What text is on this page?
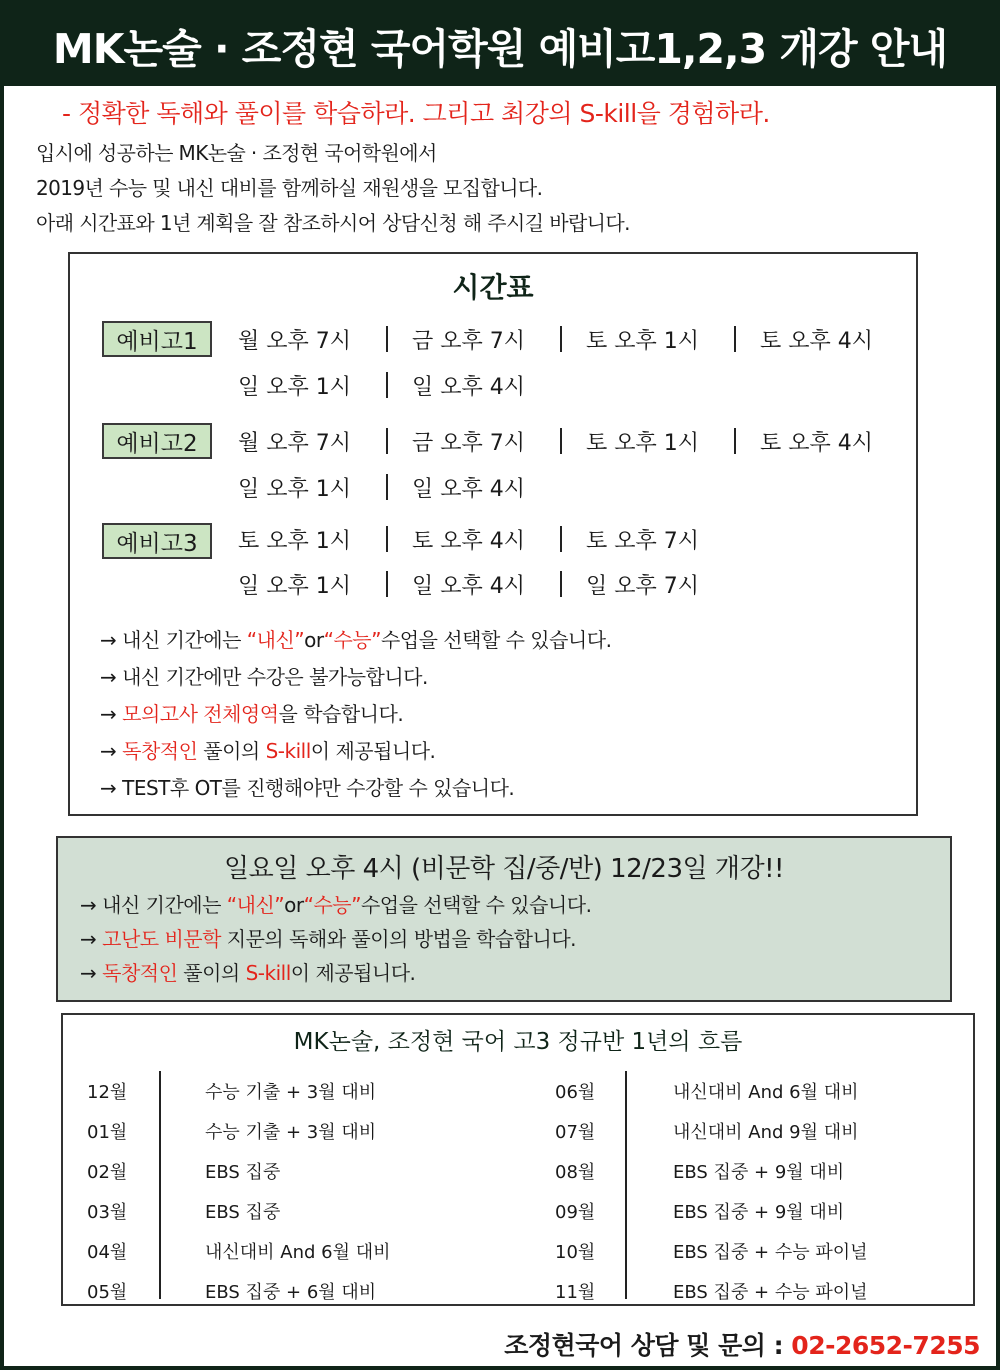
MK논술 · 조정현 국어학원 예비고1,2,3 개강 안내
- 정확한 독해와 풀이를 학습하라. 그리고 최강의 S-kill을 경험하라.
입시에 성공하는 MK논술 · 조정현 국어학원에서
2019년 수능 및 내신 대비를 함께하실 재원생을 모집합니다.
아래 시간표와 1년 계획을 잘 참조하시어 상담신청 해 주시길 바랍니다.
시간표
예비고1	월 오후 7시	금 오후 7시	토 오후 1시	토 오후 4시
일 오후 1시	일 오후 4시
예비고2	월 오후 7시	금 오후 7시	토 오후 1시	토 오후 4시
일 오후 1시	일 오후 4시
예비고3	토 오후 1시	토 오후 4시	토 오후 7시
일 오후 1시	일 오후 4시	일 오후 7시
→ 내신 기간에는 “내신”or“수능”수업을 선택할 수 있습니다.
→ 내신 기간에만 수강은 불가능합니다.
→ 모의고사 전체영역을 학습합니다.
→ 독창적인 풀이의 S-kill이 제공됩니다.
→ TEST후 OT를 진행해야만 수강할 수 있습니다.
일요일 오후 4시 (비문학 집/중/반) 12/23일 개강!!
→ 내신 기간에는 “내신”or“수능”수업을 선택할 수 있습니다.
→ 고난도 비문학 지문의 독해와 풀이의 방법을 학습합니다.
→ 독창적인 풀이의 S-kill이 제공됩니다.
MK논술, 조정현 국어 고3 정규반 1년의 흐름
12월	수능 기출 + 3월 대비
01월	수능 기출 + 3월 대비
02월	EBS 집중
03월	EBS 집중
04월	내신대비 And 6월 대비
05월	EBS 집중 + 6월 대비
06월	내신대비 And 6월 대비
07월	내신대비 And 9월 대비
08월	EBS 집중 + 9월 대비
09월	EBS 집중 + 9월 대비
10월	EBS 집중 + 수능 파이널
11월	EBS 집중 + 수능 파이널
조정현국어 상담 및 문의 : 02-2652-7255
